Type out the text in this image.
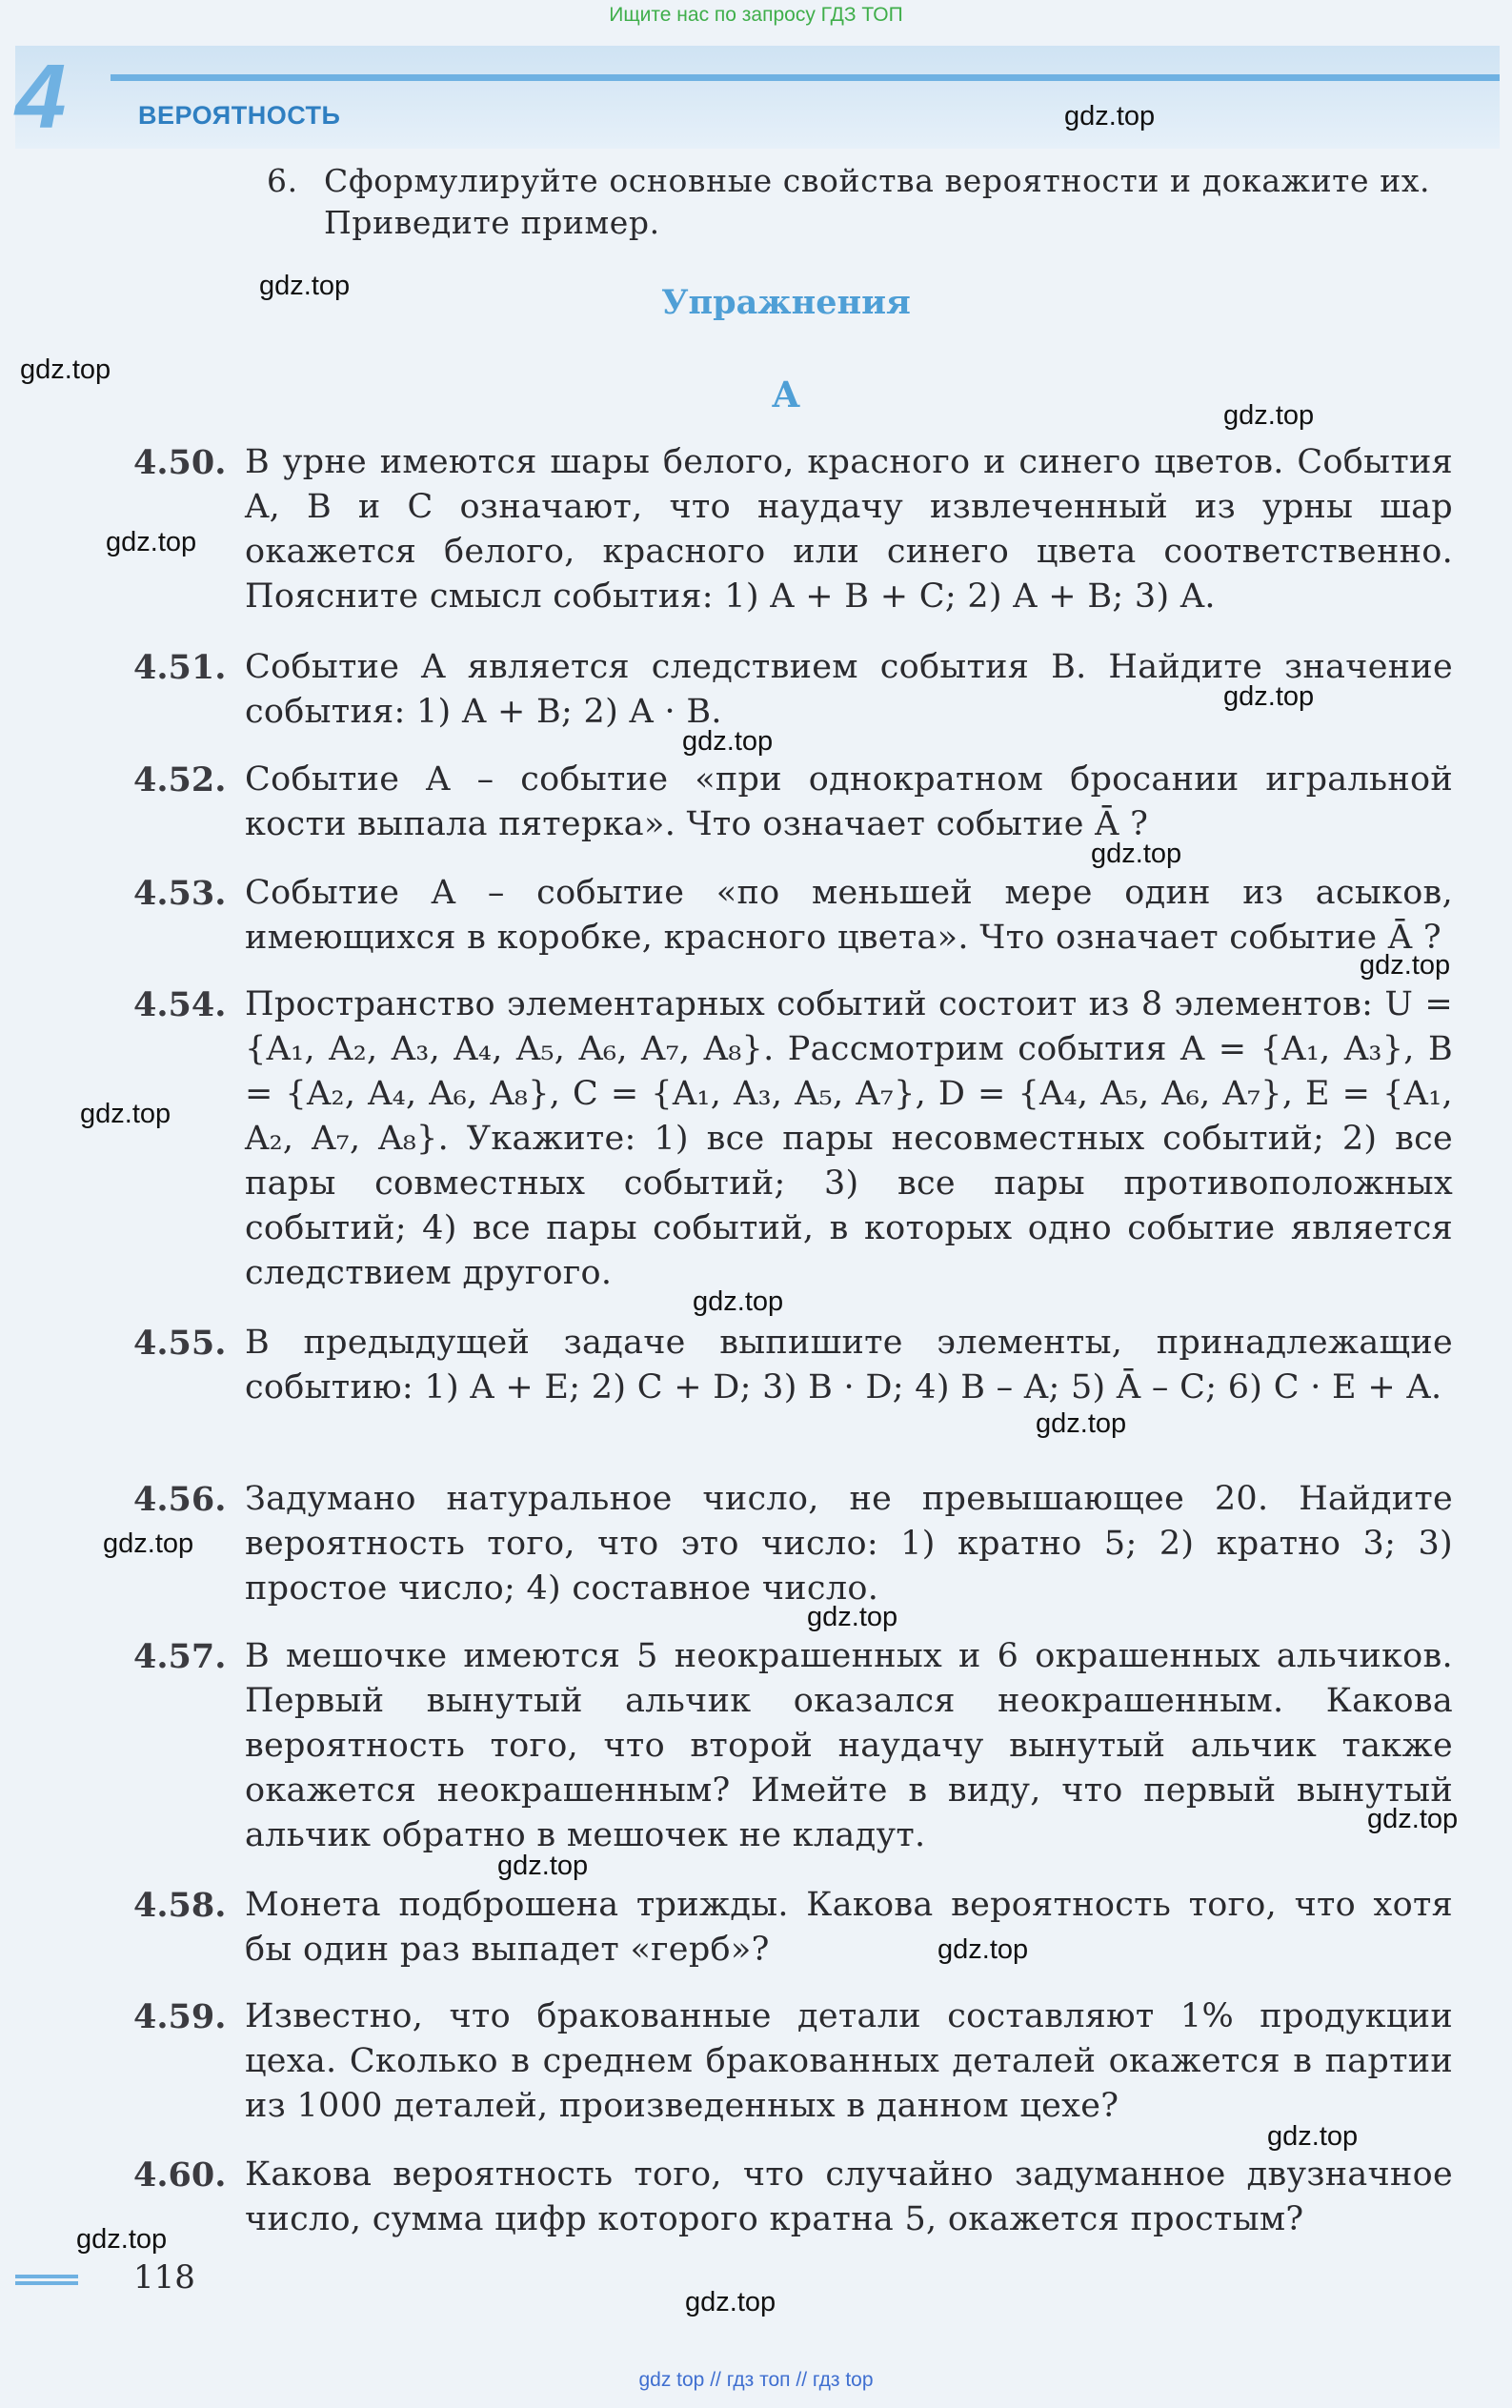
Ищите нас по запросу ГДЗ ТОП
4	ВЕРОЯТНОСТЬ
6. Сформулируйте основные свойства вероятности и докажите их.
Приведите пример.
Упражнения
А
4.50. В урне имеются шары белого, красного и синего цветов. События A, B и C означают, что наудачу извлеченный из урны шар окажется белого, красного или синего цвета соответственно. Поясните смысл события: 1) A + B + C; 2) A + B; 3) A.
4.51. Событие A является следствием события B. Найдите значение события: 1) A + B; 2) A · B.
4.52. Событие A – событие «при однократном бросании игральной кости выпала пятерка». Что означает событие Ā ?
4.53. Событие A – событие «по меньшей мере один из асыков, имеющихся в коробке, красного цвета». Что означает событие Ā ?
4.54. Пространство элементарных событий состоит из 8 элементов: U = {A₁, A₂, A₃, A₄, A₅, A₆, A₇, A₈}. Рассмотрим события A = {A₁, A₃}, B = {A₂, A₄, A₆, A₈}, C = {A₁, A₃, A₅, A₇}, D = {A₄, A₅, A₆, A₇}, E = {A₁, A₂, A₇, A₈}. Укажите: 1) все пары несовместных событий; 2) все пары совместных событий; 3) все пары противоположных событий; 4) все пары событий, в которых одно событие является следствием другого.
4.55. В предыдущей задаче выпишите элементы, принадлежащие событию: 1) A + E; 2) C + D; 3) B · D; 4) B – A; 5) Ā – C; 6) C · E + A.
4.56. Задумано натуральное число, не превышающее 20. Найдите вероятность того, что это число: 1) кратно 5; 2) кратно 3; 3) простое число; 4) составное число.
4.57. В мешочке имеются 5 неокрашенных и 6 окрашенных альчиков. Первый вынутый альчик оказался неокрашенным. Какова вероятность того, что второй наудачу вынутый альчик также окажется неокрашенным? Имейте в виду, что первый вынутый альчик обратно в мешочек не кладут.
4.58. Монета подброшена трижды. Какова вероятность того, что хотя бы один раз выпадет «герб»?
4.59. Известно, что бракованные детали составляют 1% продукции цеха. Сколько в среднем бракованных деталей окажется в партии из 1000 деталей, произведенных в данном цехе?
4.60. Какова вероятность того, что случайно задуманное двузначное число, сумма цифр которого кратна 5, окажется простым?
gdz.top
gdz.top
gdz.top
gdz.top
gdz.top
gdz.top
gdz.top
gdz.top
gdz.top
gdz.top
gdz.top
gdz.top
gdz.top
gdz.top
gdz.top
gdz.top
gdz.top
gdz.top
gdz.top
gdz.top
118
gdz top // гдз топ // гдз top
